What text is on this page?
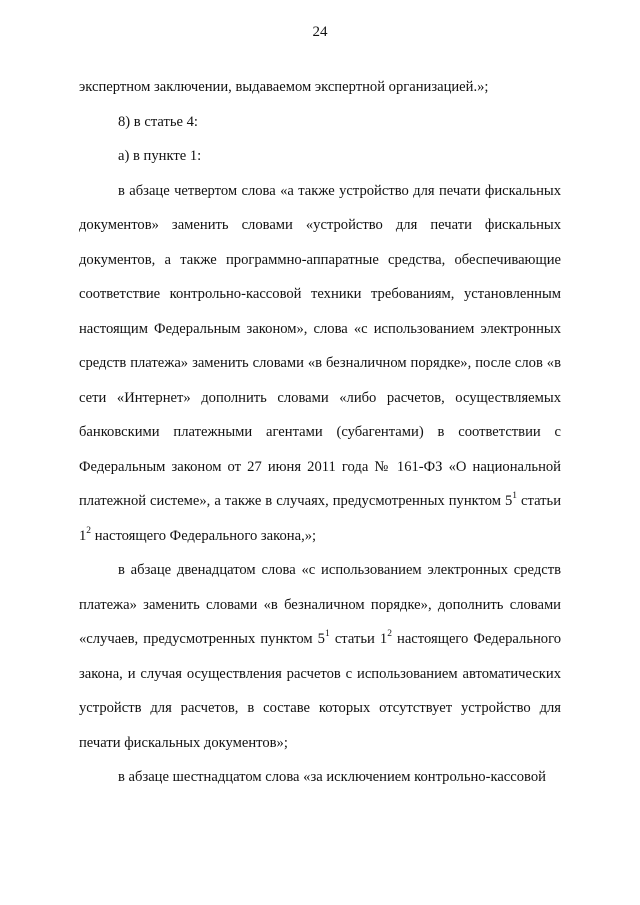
24

экспертном заключении, выдаваемом экспертной организацией.»;

8) в статье 4:

а) в пункте 1:

в абзаце четвертом слова «а также устройство для печати фискальных документов» заменить словами «устройство для печати фискальных документов, а также программно-аппаратные средства, обеспечивающие соответствие контрольно-кассовой техники требованиям, установленным настоящим Федеральным законом», слова «с использованием электронных средств платежа» заменить словами «в безналичном порядке», после слов «в сети «Интернет» дополнить словами «либо расчетов, осуществляемых банковскими платежными агентами (субагентами) в соответствии с Федеральным законом от 27 июня 2011 года № 161-ФЗ «О национальной платежной системе», а также в случаях, предусмотренных пунктом $5^1$ статьи $1^2$ настоящего Федерального закона,»;

в абзаце двенадцатом слова «с использованием электронных средств платежа» заменить словами «в безналичном порядке», дополнить словами «случаев, предусмотренных пунктом $5^1$ статьи $1^2$ настоящего Федерального закона, и случая осуществления расчетов с использованием автоматических устройств для расчетов, в составе которых отсутствует устройство для печати фискальных документов»;

в абзаце шестнадцатом слова «за исключением контрольно-кассовой
